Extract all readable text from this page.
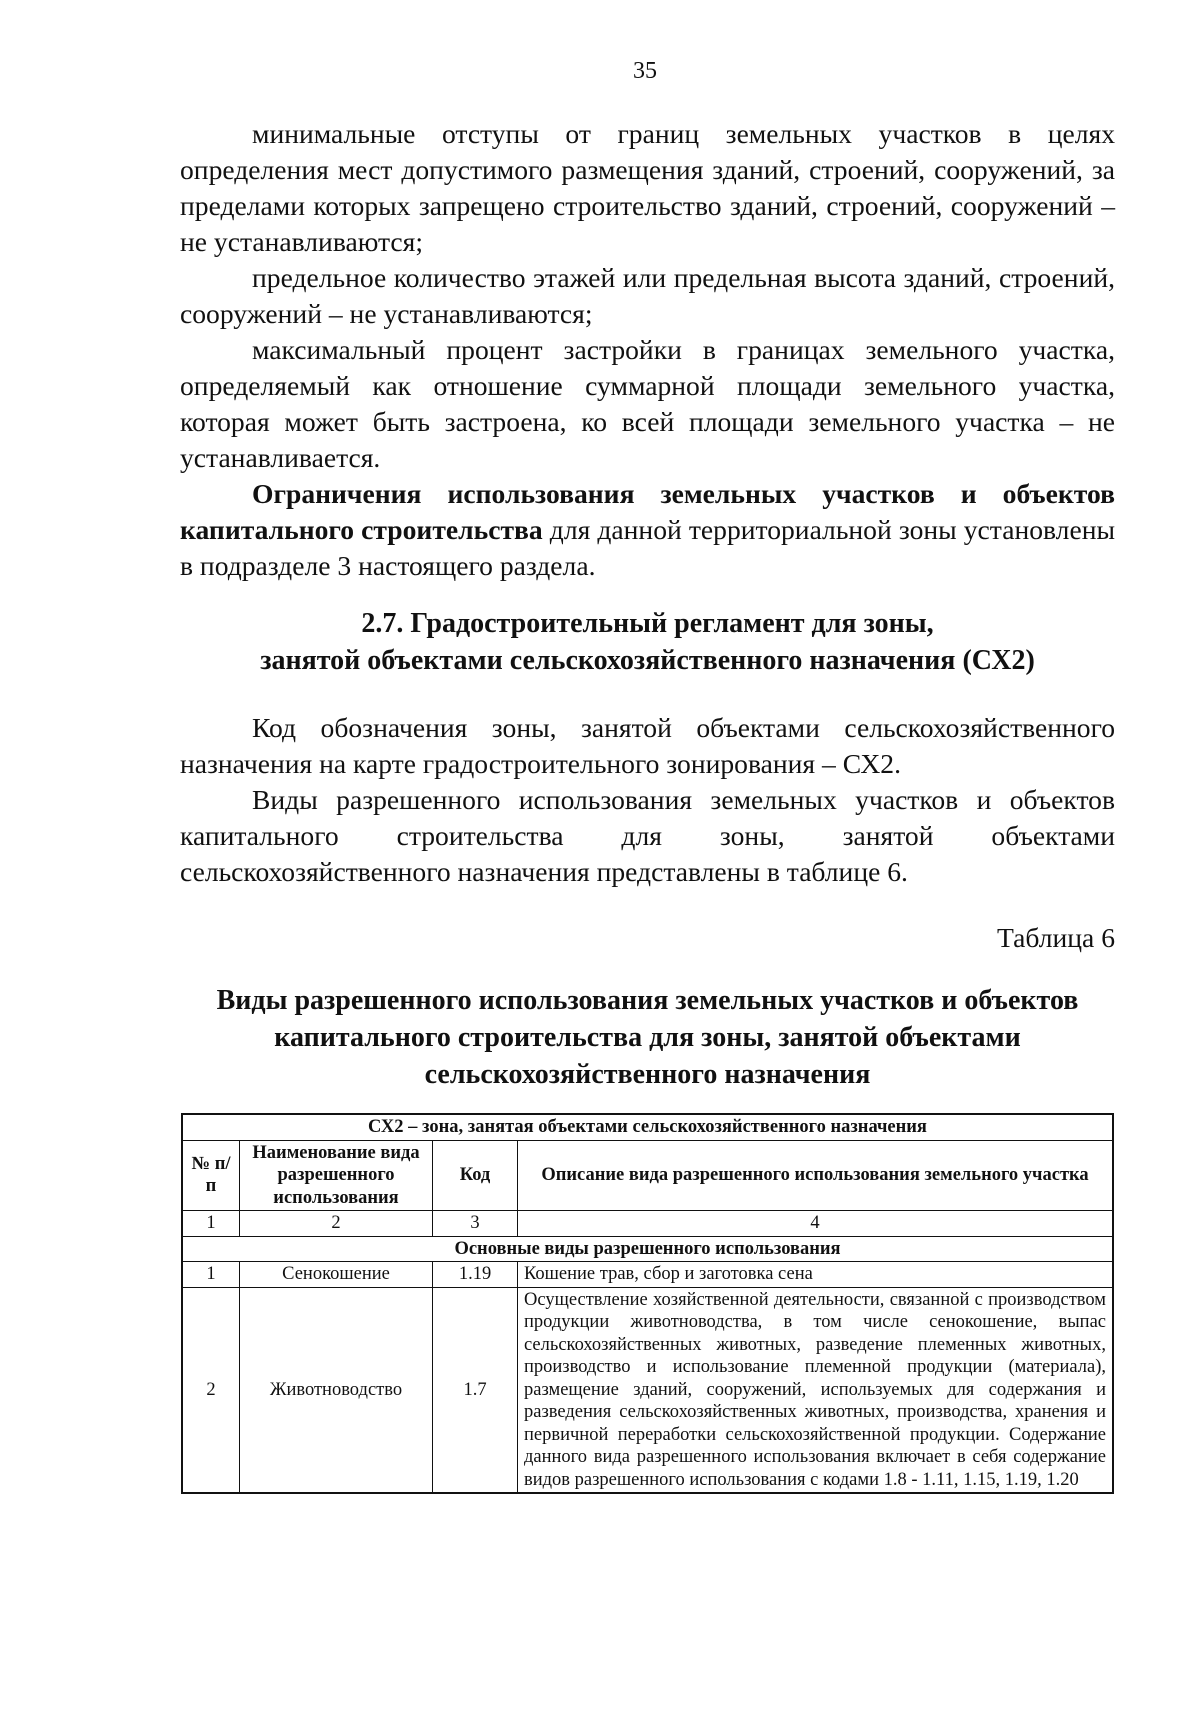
35

минимальные отступы от границ земельных участков в целях определения мест допустимого размещения зданий, строений, сооружений, за пределами которых запрещено строительство зданий, строений, сооружений – не устанавливаются;

предельное количество этажей или предельная высота зданий, строений, сооружений – не устанавливаются;

максимальный процент застройки в границах земельного участка, определяемый как отношение суммарной площади земельного участка, которая может быть застроена, ко всей площади земельного участка – не устанавливается.

Ограничения использования земельных участков и объектов капитального строительства для данной территориальной зоны установлены в подразделе 3 настоящего раздела.

2.7. Градостроительный регламент для зоны,
занятой объектами сельскохозяйственного назначения (СХ2)

Код обозначения зоны, занятой объектами сельскохозяйственного назначения на карте градостроительного зонирования – СХ2.

Виды разрешенного использования земельных участков и объектов капитального строительства для зоны, занятой объектами сельскохозяйственного назначения представлены в таблице 6.

Таблица 6
Виды разрешенного использования земельных участков и объектов
капитального строительства для зоны, занятой объектами
сельскохозяйственного назначения
СХ2 – зона, занятая объектами сельскохозяйственного назначения			
№ п/п	Наименование вида разрешенного использования	Код	Описание вида разрешенного использования земельного участка
1	2	3	4
Основные виды разрешенного использования			
1	Сенокошение	1.19	Кошение трав, сбор и заготовка сена
2	Животноводство	1.7	Осуществление хозяйственной деятельности, связанной с производством продукции животноводства, в том числе сенокошение, выпас сельскохозяйственных животных, разведение племенных животных, производство и использование племенной продукции (материала), размещение зданий, сооружений, используемых для содержания и разведения сельскохозяйственных животных, производства, хранения и первичной переработки сельскохозяйственной продукции. Содержание данного вида разрешенного использования включает в себя содержание видов разрешенного использования с кодами 1.8 - 1.11, 1.15, 1.19, 1.20
